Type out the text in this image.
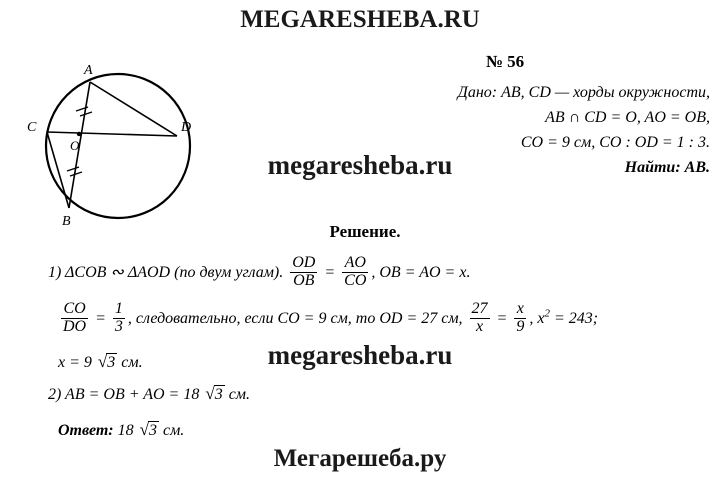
MEGARESHEBA.RU
A
B
C	D
O
№ 56
Дано: AB, CD — хорды окружности,
AB ∩ CD = O, AO = OB,
CO = 9 см, CO : OD = 1 : 3.
Найти: AB.
megaresheba.ru
Решение.
1) ΔCOB ∾ ΔAOD (по двум углам). $\frac{OD}{OB} = \frac{AO}{CO}$ , OB = AO = x.
$\frac{CO}{DO} = \frac{1}{3}$ , следовательно, если CO = 9 см, то OD = 27 см, $\frac{27}{x} = \frac{x}{9}$ , $x^2 = 243$;
x = 9 √3 см.
2) AB = OB + AO = 18 √3 см.
Ответ: 18 √3 см.
megaresheba.ru
Мегарешеба.ру
